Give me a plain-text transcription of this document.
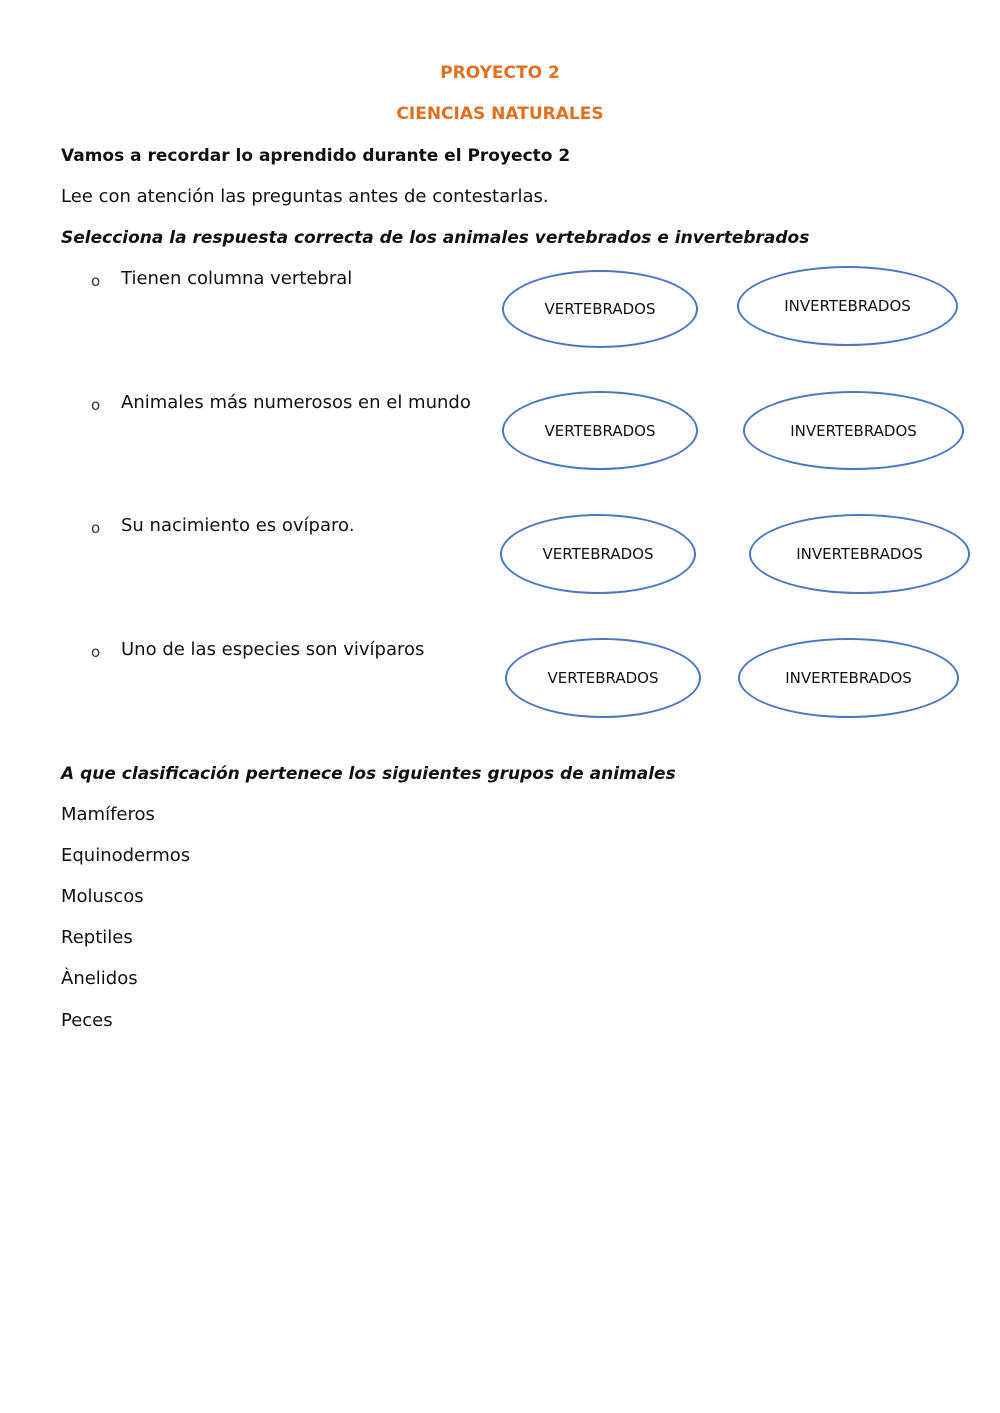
PROYECTO 2
CIENCIAS NATURALES
Vamos a recordar lo aprendido durante el Proyecto 2
Lee con atención las preguntas antes de contestarlas.
Selecciona la respuesta correcta de los animales vertebrados e invertebrados
o Tienen columna vertebral
VERTEBRADOS	INVERTEBRADOS
o Animales más numerosos en el mundo
VERTEBRADOS	INVERTEBRADOS
o Su nacimiento es ovíparo.
VERTEBRADOS	INVERTEBRADOS
o Uno de las especies son vivíparos
VERTEBRADOS	INVERTEBRADOS
A que clasificación pertenece los siguientes grupos de animales
Mamíferos
Equinodermos
Moluscos
Reptiles
Ànelidos
Peces
